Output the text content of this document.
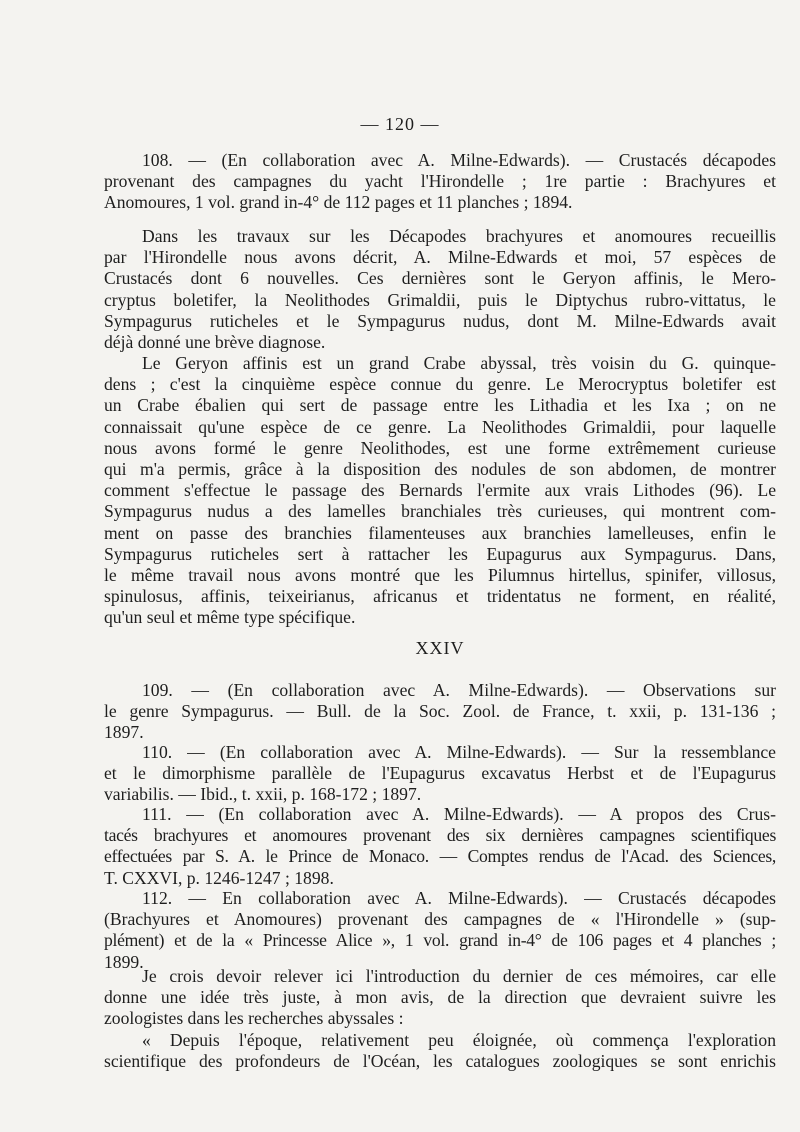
— 120 —
108. — (En collaboration avec A. Milne-Edwards). — Crustacés décapodes
provenant des campagnes du yacht l'Hirondelle ; 1re partie : Brachyures et
Anomoures, 1 vol. grand in-4° de 112 pages et 11 planches ; 1894.
Dans les travaux sur les Décapodes brachyures et anomoures recueillis
par l'Hirondelle nous avons décrit, A. Milne-Edwards et moi, 57 espèces de
Crustacés dont 6 nouvelles. Ces dernières sont le Geryon affinis, le Mero-
cryptus boletifer, la Neolithodes Grimaldii, puis le Diptychus rubro-vittatus, le
Sympagurus ruticheles et le Sympagurus nudus, dont M. Milne-Edwards avait
déjà donné une brève diagnose.
Le Geryon affinis est un grand Crabe abyssal, très voisin du G. quinque-
dens ; c'est la cinquième espèce connue du genre. Le Merocryptus boletifer est
un Crabe ébalien qui sert de passage entre les Lithadia et les Ixa ; on ne
connaissait qu'une espèce de ce genre. La Neolithodes Grimaldii, pour laquelle
nous avons formé le genre Neolithodes, est une forme extrêmement curieuse
qui m'a permis, grâce à la disposition des nodules de son abdomen, de montrer
comment s'effectue le passage des Bernards l'ermite aux vrais Lithodes (96). Le
Sympagurus nudus a des lamelles branchiales très curieuses, qui montrent com-
ment on passe des branchies filamenteuses aux branchies lamelleuses, enfin le
Sympagurus ruticheles sert à rattacher les Eupagurus aux Sympagurus. Dans,
le même travail nous avons montré que les Pilumnus hirtellus, spinifer, villosus,
spinulosus, affinis, teixeirianus, africanus et tridentatus ne forment, en réalité,
qu'un seul et même type spécifique.
XXIV
109. — (En collaboration avec A. Milne-Edwards). — Observations sur
le genre Sympagurus. — Bull. de la Soc. Zool. de France, t. xxii, p. 131-136 ;
1897.
110. — (En collaboration avec A. Milne-Edwards). — Sur la ressemblance
et le dimorphisme parallèle de l'Eupagurus excavatus Herbst et de l'Eupagurus
variabilis. — Ibid., t. xxii, p. 168-172 ; 1897.
111. — (En collaboration avec A. Milne-Edwards). — A propos des Crus-
tacés brachyures et anomoures provenant des six dernières campagnes scientifiques
effectuées par S. A. le Prince de Monaco. — Comptes rendus de l'Acad. des Sciences,
T. CXXVI, p. 1246-1247 ; 1898.
112. — En collaboration avec A. Milne-Edwards). — Crustacés décapodes
(Brachyures et Anomoures) provenant des campagnes de « l'Hirondelle » (sup-
plément) et de la « Princesse Alice », 1 vol. grand in-4° de 106 pages et 4 planches ;
1899.
Je crois devoir relever ici l'introduction du dernier de ces mémoires, car elle
donne une idée très juste, à mon avis, de la direction que devraient suivre les
zoologistes dans les recherches abyssales :
« Depuis l'époque, relativement peu éloignée, où commença l'exploration
scientifique des profondeurs de l'Océan, les catalogues zoologiques se sont enrichis
